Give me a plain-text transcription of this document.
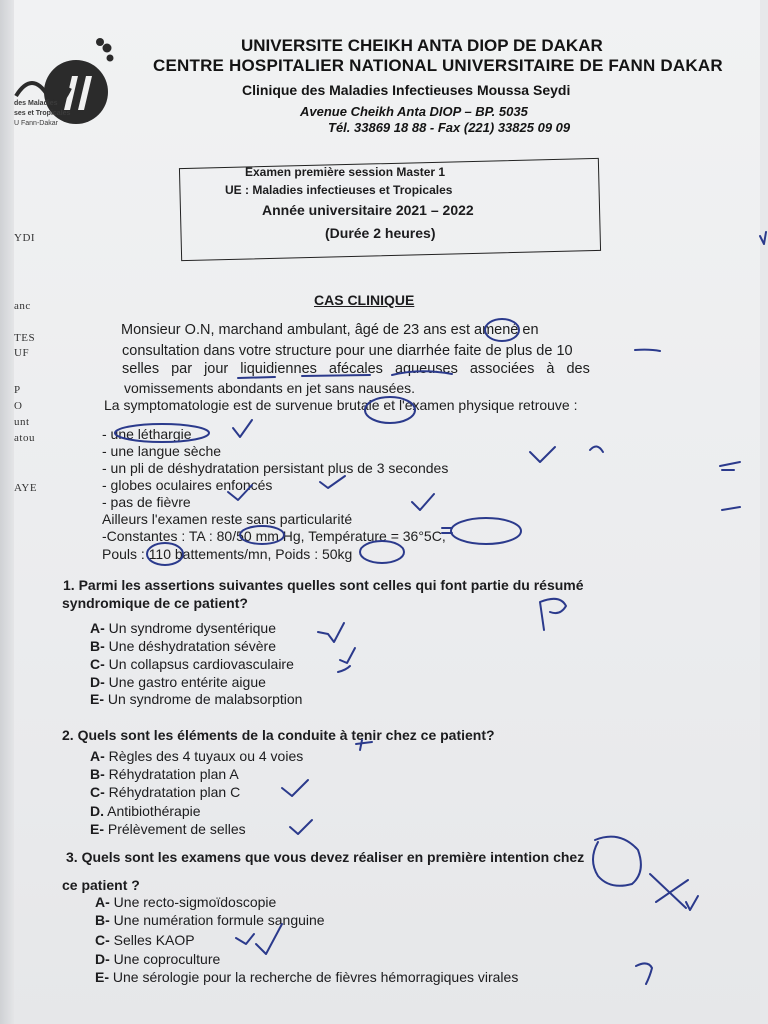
des Maladies
ses et Tropicales
U Fann-Dakar
YDI
anc
TES
UF
P
O
unt
atou
AYE
UNIVERSITE CHEIKH ANTA DIOP DE DAKAR
CENTRE HOSPITALIER NATIONAL UNIVERSITAIRE DE FANN DAKAR
Clinique des Maladies Infectieuses Moussa Seydi
Avenue Cheikh Anta DIOP – BP. 5035
Tél. 33869 18 88 - Fax (221) 33825 09 09
Examen première session Master 1
UE : Maladies infectieuses et Tropicales
Année universitaire 2021 – 2022
(Durée 2 heures)
CAS CLINIQUE
Monsieur O.N, marchand ambulant, âgé de 23 ans est amené en
consultation dans votre structure pour une diarrhée faite de plus de 10
selles par jour liquidiennes afécales aqueuses associées à des
vomissements abondants en jet sans nausées.
La symptomatologie est de survenue brutale et l'examen physique retrouve :
- une léthargie
- une langue sèche
- un pli de déshydratation persistant plus de 3 secondes
- globes oculaires enfoncés
- pas de fièvre
Ailleurs l'examen reste sans particularité
-Constantes : TA : 80/50 mm Hg, Température = 36°5C,
Pouls : 110 battements/mn, Poids : 50kg
1. Parmi les assertions suivantes quelles sont celles qui font partie du résumé
syndromique de ce patient?
A- Un syndrome dysentérique
B- Une déshydratation sévère
C- Un collapsus cardiovasculaire
D- Une gastro entérite aigue
E- Un syndrome de malabsorption
2. Quels sont les éléments de la conduite à tenir chez ce patient?
A- Règles des 4 tuyaux ou 4 voies
B- Réhydratation plan A
C- Réhydratation plan C
D. Antibiothérapie
E- Prélèvement de selles
3. Quels sont les examens que vous devez réaliser en première intention chez
ce patient ?
A- Une recto-sigmoïdoscopie
B- Une numération formule sanguine
C- Selles KAOP
D- Une coproculture
E- Une sérologie pour la recherche de fièvres hémorragiques virales
